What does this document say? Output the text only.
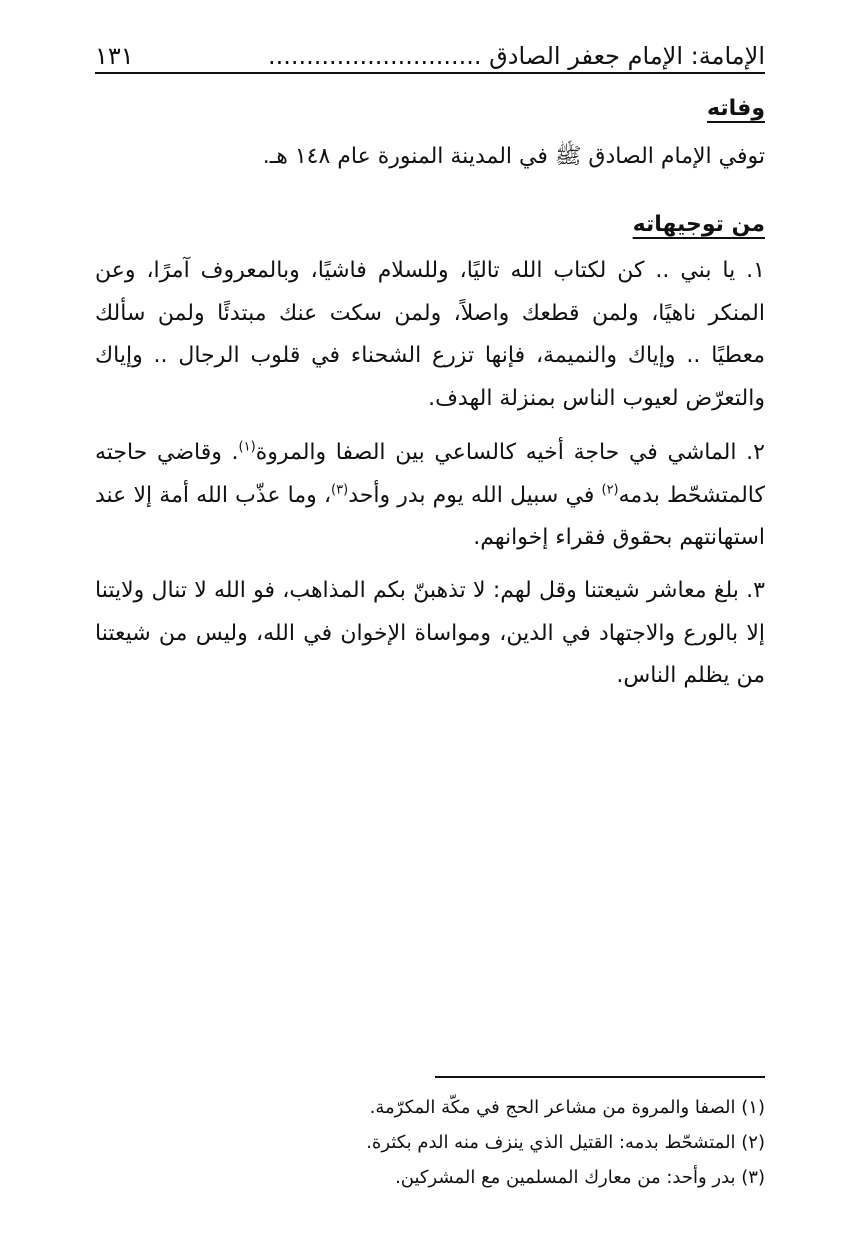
الإمامة: الإمام جعفر الصادق ............................
١٣١
وفاته

توفي الإمام الصادق ﷺ في المدينة المنورة عام ١٤٨ هـ.

من توجيهاته

١. يا بني .. كن لكتاب الله تاليًا، وللسلام فاشيًا، وبالمعروف آمرًا، وعن المنكر ناهيًا، ولمن قطعك واصلاً، ولمن سكت عنك مبتدئًا ولمن سألك معطيًا .. وإياك والنميمة، فإنها تزرع الشحناء في قلوب الرجال .. وإياك والتعرّض لعيوب الناس بمنزلة الهدف.

٢. الماشي في حاجة أخيه كالساعي بين الصفا والمروة$^{(١)}$. وقاضي حاجته كالمتشحّط بدمه$^{(٢)}$ في سبيل الله يوم بدر وأحد$^{(٣)}$، وما عذّب الله أمة إلا عند استهانتهم بحقوق فقراء إخوانهم.

٣. بلغ معاشر شيعتنا وقل لهم: لا تذهبنّ بكم المذاهب، فو الله لا تنال ولايتنا إلا بالورع والاجتهاد في الدين، ومواساة الإخوان في الله، وليس من شيعتنا من يظلم الناس.

(١) الصفا والمروة من مشاعر الحج في مكّة المكرّمة.
(٢) المتشحّط بدمه: القتيل الذي ينزف منه الدم بكثرة.
(٣) بدر وأحد: من معارك المسلمين مع المشركين.
